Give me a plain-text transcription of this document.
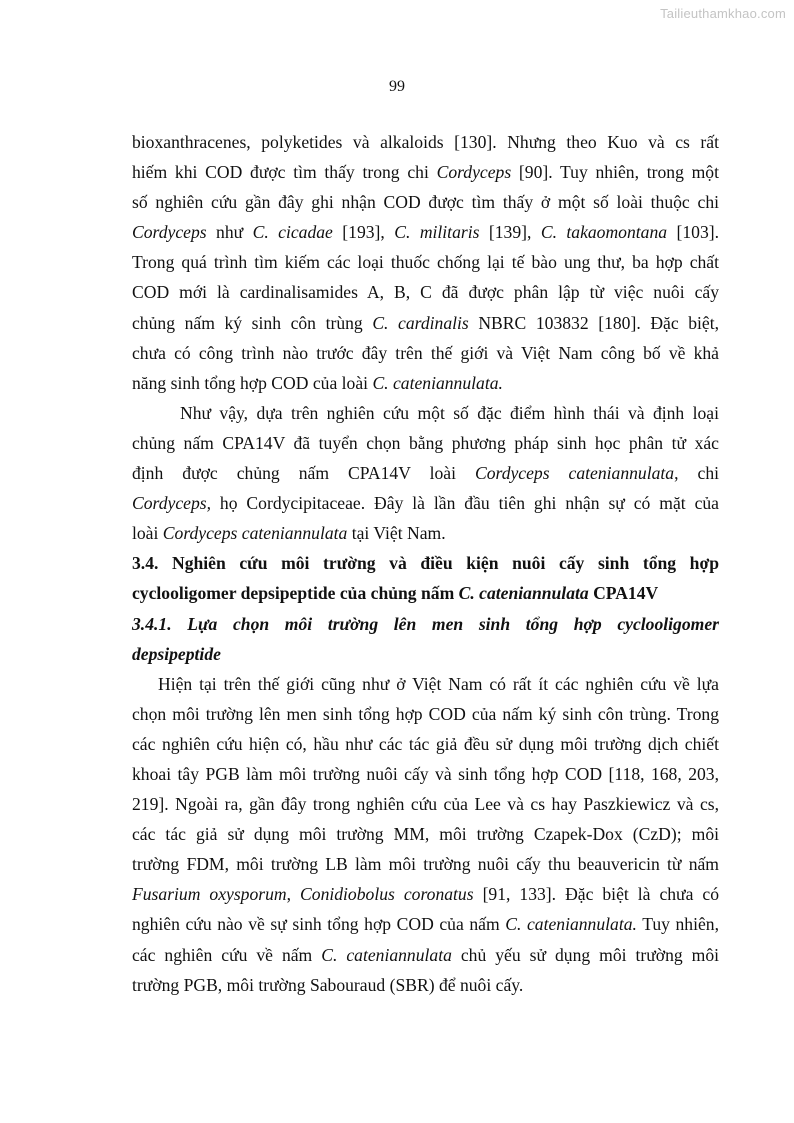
Tailieuthamkhao.com
99
bioxanthracenes, polyketides và alkaloids [130]. Nhưng theo Kuo và cs rất
hiếm khi COD được tìm thấy trong chi Cordyceps [90]. Tuy nhiên, trong một
số nghiên cứu gần đây ghi nhận COD được tìm thấy ở một số loài thuộc chi
Cordyceps như C. cicadae [193], C. militaris [139], C. takaomontana [103].
Trong quá trình tìm kiếm các loại thuốc chống lại tế bào ung thư, ba hợp chất
COD mới là cardinalisamides A, B, C đã được phân lập từ việc nuôi cấy
chủng nấm ký sinh côn trùng C. cardinalis NBRC 103832 [180]. Đặc biệt,
chưa có công trình nào trước đây trên thế giới và Việt Nam công bố về khả
năng sinh tổng hợp COD của loài C. cateniannulata.
Như vậy, dựa trên nghiên cứu một số đặc điểm hình thái và định loại
chủng nấm CPA14V đã tuyển chọn bằng phương pháp sinh học phân tử xác
định được chủng nấm CPA14V loài Cordyceps cateniannulata, chi
Cordyceps, họ Cordycipitaceae. Đây là lần đầu tiên ghi nhận sự có mặt của
loài Cordyceps cateniannulata tại Việt Nam.
3.4. Nghiên cứu môi trường và điều kiện nuôi cấy sinh tổng hợp
cyclooligomer depsipeptide của chủng nấm C. cateniannulata CPA14V
3.4.1. Lựa chọn môi trường lên men sinh tổng hợp cyclooligomer
depsipeptide
Hiện tại trên thế giới cũng như ở Việt Nam có rất ít các nghiên cứu về lựa
chọn môi trường lên men sinh tổng hợp COD của nấm ký sinh côn trùng. Trong
các nghiên cứu hiện có, hầu như các tác giả đều sử dụng môi trường dịch chiết
khoai tây PGB làm môi trường nuôi cấy và sinh tổng hợp COD [118, 168, 203,
219]. Ngoài ra, gần đây trong nghiên cứu của Lee và cs hay Paszkiewicz và cs,
các tác giả sử dụng môi trường MM, môi trường Czapek-Dox (CzD); môi
trường FDM, môi trường LB làm môi trường nuôi cấy thu beauvericin từ nấm
Fusarium oxysporum, Conidiobolus coronatus [91, 133]. Đặc biệt là chưa có
nghiên cứu nào về sự sinh tổng hợp COD của nấm C. cateniannulata. Tuy nhiên,
các nghiên cứu về nấm C. cateniannulata chủ yếu sử dụng môi trường môi
trường PGB, môi trường Sabouraud (SBR) để nuôi cấy.
